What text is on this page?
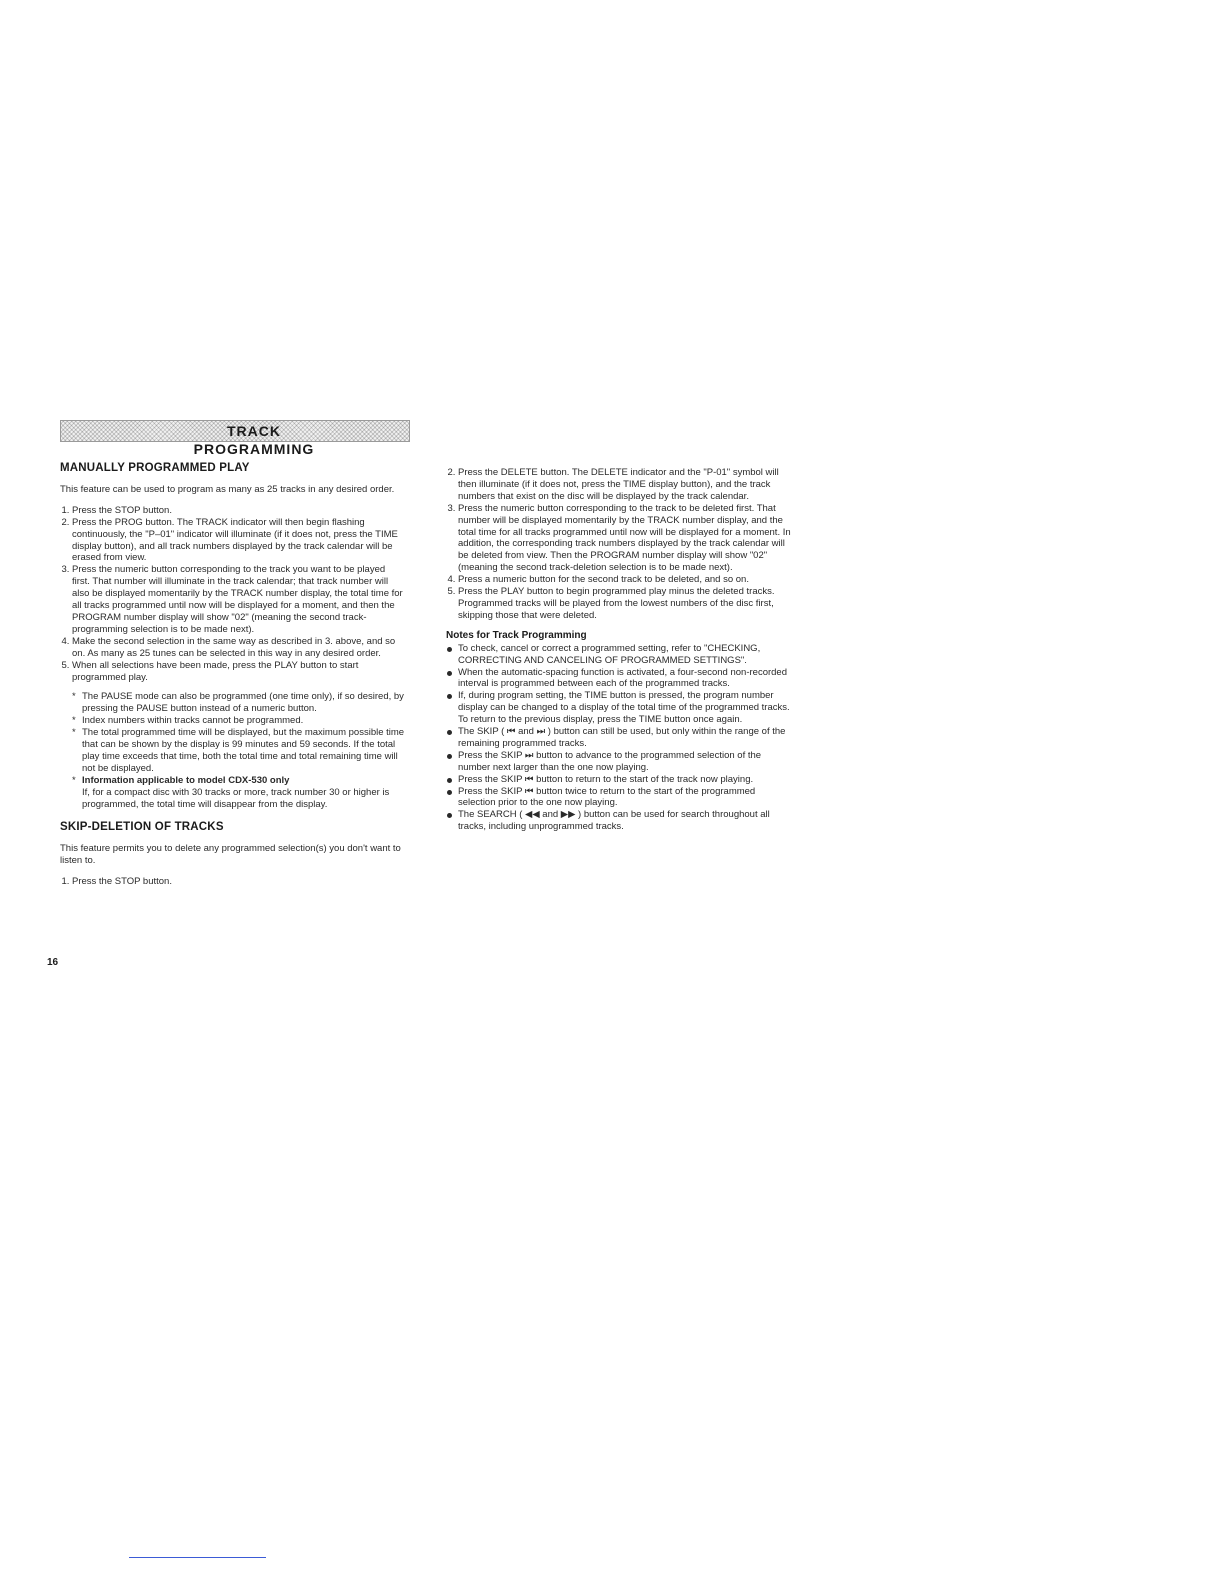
TRACK PROGRAMMING
MANUALLY PROGRAMMED PLAY

This feature can be used to program as many as 25 tracks in any desired order.

1. Press the STOP button.
2. Press the PROG button. The TRACK indicator will then begin flashing continuously, the "P–01" indicator will illuminate (if it does not, press the TIME display button), and all track numbers displayed by the track calendar will be erased from view.
3. Press the numeric button corresponding to the track you want to be played first. That number will illuminate in the track calendar; that track number will also be displayed momentarily by the TRACK number display, the total time for all tracks programmed until now will be displayed for a moment, and then the PROGRAM number display will show "02" (meaning the second track-programming selection is to be made next).
4. Make the second selection in the same way as described in 3. above, and so on. As many as 25 tunes can be selected in this way in any desired order.
5. When all selections have been made, press the PLAY button to start programmed play.
* The PAUSE mode can also be programmed (one time only), if so desired, by pressing the PAUSE button instead of a numeric button.
* Index numbers within tracks cannot be programmed.
* The total programmed time will be displayed, but the maximum possible time that can be shown by the display is 99 minutes and 59 seconds. If the total play time exceeds that time, both the total time and total remaining time will not be displayed.
* Information applicable to model CDX-530 only
If, for a compact disc with 30 tracks or more, track number 30 or higher is programmed, the total time will disappear from the display.
SKIP-DELETION OF TRACKS

This feature permits you to delete any programmed selection(s) you don't want to listen to.

1. Press the STOP button.
2. Press the DELETE button. The DELETE indicator and the "P-01" symbol will then illuminate (if it does not, press the TIME display button), and the track numbers that exist on the disc will be displayed by the track calendar.
3. Press the numeric button corresponding to the track to be deleted first. That number will be displayed momentarily by the TRACK number display, and the total time for all tracks programmed until now will be displayed for a moment. In addition, the corresponding track numbers displayed by the track calendar will be deleted from view. Then the PROGRAM number display will show "02" (meaning the second track-deletion selection is to be made next).
4. Press a numeric button for the second track to be deleted, and so on.
5. Press the PLAY button to begin programmed play minus the deleted tracks. Programmed tracks will be played from the lowest numbers of the disc first, skipping those that were deleted.
Notes for Track Programming
To check, cancel or correct a programmed setting, refer to "CHECKING, CORRECTING AND CANCELING OF PROGRAMMED SETTINGS".
When the automatic-spacing function is activated, a four-second non-recorded interval is programmed between each of the programmed tracks.
If, during program setting, the TIME button is pressed, the program number display can be changed to a display of the total time of the programmed tracks. To return to the previous display, press the TIME button once again.
The SKIP ( ⏮ and ⏭ ) button can still be used, but only within the range of the remaining programmed tracks.
Press the SKIP ⏭ button to advance to the programmed selection of the number next larger than the one now playing.
Press the SKIP ⏮ button to return to the start of the track now playing.
Press the SKIP ⏮ button twice to return to the start of the programmed selection prior to the one now playing.
The SEARCH ( ◀◀ and ▶▶ ) button can be used for search throughout all tracks, including unprogrammed tracks.
16
